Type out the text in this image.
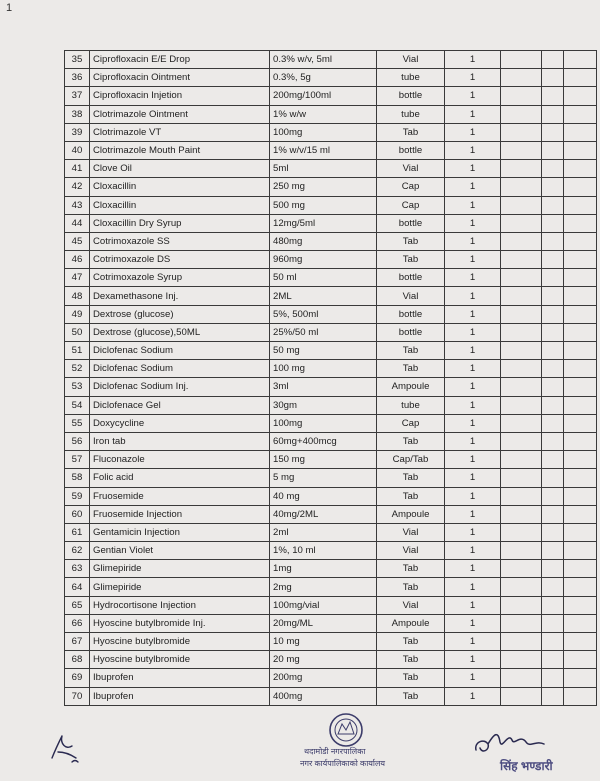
1
35	Ciprofloxacin E/E Drop	0.3% w/v, 5ml	Vial	1			
36	Ciprofloxacin Ointment	0.3%, 5g	tube	1			
37	Ciprofloxacin Injetion	200mg/100ml	bottle	1			
38	Clotrimazole Ointment	1% w/w	tube	1			
39	Clotrimazole VT	100mg	Tab	1			
40	Clotrimazole Mouth Paint	1% w/v/15 ml	bottle	1			
41	Clove Oil	5ml	Vial	1			
42	Cloxacillin	250 mg	Cap	1			
43	Cloxacillin	500 mg	Cap	1			
44	Cloxacillin Dry Syrup	12mg/5ml	bottle	1			
45	Cotrimoxazole SS	480mg	Tab	1			
46	Cotrimoxazole DS	960mg	Tab	1			
47	Cotrimoxazole Syrup	50 ml	bottle	1			
48	Dexamethasone Inj.	2ML	Vial	1			
49	Dextrose (glucose)	5%, 500ml	bottle	1			
50	Dextrose (glucose),50ML	25%/50 ml	bottle	1			
51	Diclofenac Sodium	50 mg	Tab	1			
52	Diclofenac Sodium	100 mg	Tab	1			
53	Diclofenac Sodium Inj.	3ml	Ampoule	1			
54	Diclofenace Gel	30gm	tube	1			
55	Doxycycline	100mg	Cap	1			
56	Iron tab	60mg+400mcg	Tab	1			
57	Fluconazole	150 mg	Cap/Tab	1			
58	Folic acid	5 mg	Tab	1			
59	Fruosemide	40 mg	Tab	1			
60	Fruosemide Injection	40mg/2ML	Ampoule	1			
61	Gentamicin Injection	2ml	Vial	1			
62	Gentian Violet	1%, 10 ml	Vial	1			
63	Glimepiride	1mg	Tab	1			
64	Glimepiride	2mg	Tab	1			
65	Hydrocortisone Injection	100mg/vial	Vial	1			
66	Hyoscine butylbromide Inj.	20mg/ML	Ampoule	1			
67	Hyoscine butylbromide	10 mg	Tab	1			
68	Hyoscine butylbromide	20 mg	Tab	1			
69	Ibuprofen	200mg	Tab	1			
70	Ibuprofen	400mg	Tab	1			
थदामोडी नगरपालिका
नगर कार्यपालिकाको कार्यालय	सिंह भण्डारी
